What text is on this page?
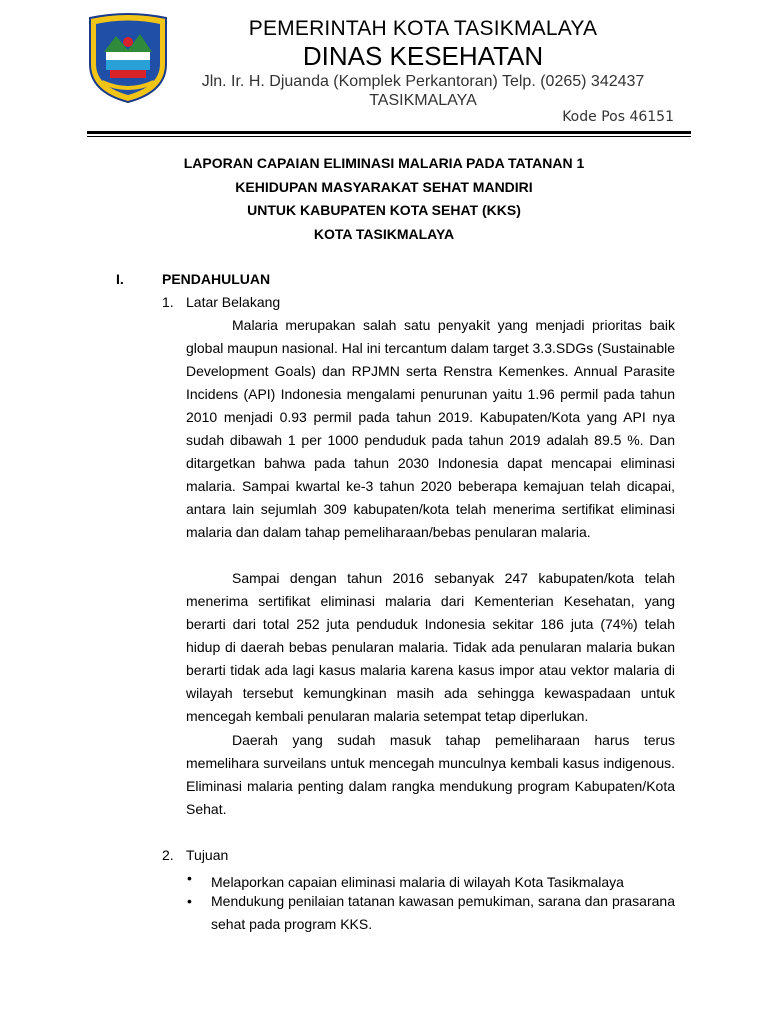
PEMERINTAH KOTA TASIKMALAYA
DINAS KESEHATAN
Jln. Ir. H. Djuanda (Komplek Perkantoran) Telp. (0265) 342437
TASIKMALAYA
Kode Pos 46151
LAPORAN CAPAIAN ELIMINASI MALARIA PADA TATANAN 1
KEHIDUPAN MASYARAKAT SEHAT MANDIRI
UNTUK KABUPATEN KOTA SEHAT (KKS)
KOTA TASIKMALAYA
I.	PENDAHULUAN
1. Latar Belakang

Malaria merupakan salah satu penyakit yang menjadi prioritas baik global maupun nasional. Hal ini tercantum dalam target 3.3.SDGs (Sustainable Development Goals) dan RPJMN serta Renstra Kemenkes. Annual Parasite Incidens (API) Indonesia mengalami penurunan yaitu 1.96 permil pada tahun 2010 menjadi 0.93 permil pada tahun 2019. Kabupaten/Kota yang API nya sudah dibawah 1 per 1000 penduduk pada tahun 2019 adalah 89.5 %. Dan ditargetkan bahwa pada tahun 2030 Indonesia dapat mencapai eliminasi malaria. Sampai kwartal ke-3 tahun 2020 beberapa kemajuan telah dicapai, antara lain sejumlah 309 kabupaten/kota telah menerima sertifikat eliminasi malaria dan dalam tahap pemeliharaan/bebas penularan malaria.

Sampai dengan tahun 2016 sebanyak 247 kabupaten/kota telah menerima sertifikat eliminasi malaria dari Kementerian Kesehatan, yang berarti dari total 252 juta penduduk Indonesia sekitar 186 juta (74%) telah hidup di daerah bebas penularan malaria. Tidak ada penularan malaria bukan berarti tidak ada lagi kasus malaria karena kasus impor atau vektor malaria di wilayah tersebut kemungkinan masih ada sehingga kewaspadaan untuk mencegah kembali penularan malaria setempat tetap diperlukan.

Daerah yang sudah masuk tahap pemeliharaan harus terus memelihara surveilans untuk mencegah munculnya kembali kasus indigenous. Eliminasi malaria penting dalam rangka mendukung program Kabupaten/Kota Sehat.

2. Tujuan
• Melaporkan capaian eliminasi malaria di wilayah Kota Tasikmalaya
• Mendukung penilaian tatanan kawasan pemukiman, sarana dan prasarana sehat pada program KKS.
